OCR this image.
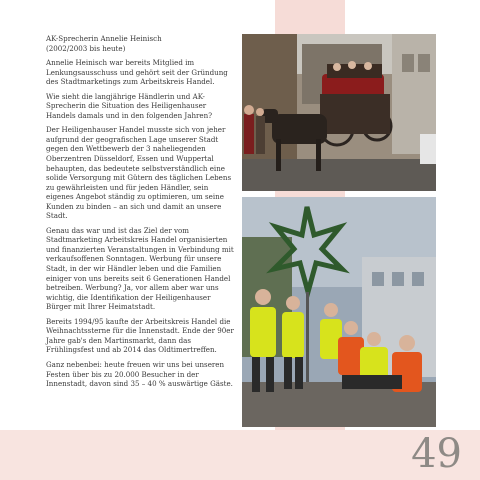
AK-Sprecherin Annelie Heinisch
(2002/2003 bis heute)

Annelie Heinisch war bereits Mitglied im Lenkungsausschuss und gehört seit der Gründung des Stadtmarketings zum Arbeitskreis Handel.

Wie sieht die langjährige Händlerin und AK-Sprecherin die Situation des Heiligenhauser Handels damals und in den folgenden Jahren?

Der Heiligenhauser Handel musste sich von jeher aufgrund der geografischen Lage unserer Stadt gegen den Wettbewerb der 3 naheliegenden Oberzentren Düsseldorf, Essen und Wuppertal behaupten, das bedeutete selbstverständlich eine solide Versorgung mit Gütern des täglichen Lebens zu gewährleisten und für jeden Händler, sein eigenes Angebot ständig zu optimieren, um seine Kunden zu binden – an sich und damit an unsere Stadt.

Genau das war und ist das Ziel der vom Stadtmarketing Arbeitskreis Handel organisierten und finanzierten Veranstaltungen in Verbindung mit verkaufsoffenen Sonntagen. Werbung für unsere Stadt, in der wir Händler leben und die Familien einiger von uns bereits seit 6 Generationen Handel betreiben. Werbung? Ja, vor allem aber war uns wichtig, die Identifikation der Heiligenhauser Bürger mit Ihrer Heimatstadt.

Bereits 1994/95 kaufte der Arbeitskreis Handel die Weihnachtssterne für die Innenstadt. Ende der 90er Jahre gab's den Martinsmarkt, dann das Frühlingsfest und ab 2014 das Oldtimertreffen.

Ganz nebenbei: heute freuen wir uns bei unseren Festen über bis zu 20.000 Besucher in der Innenstadt, davon sind 35 – 40 % auswärtige Gäste.

49
